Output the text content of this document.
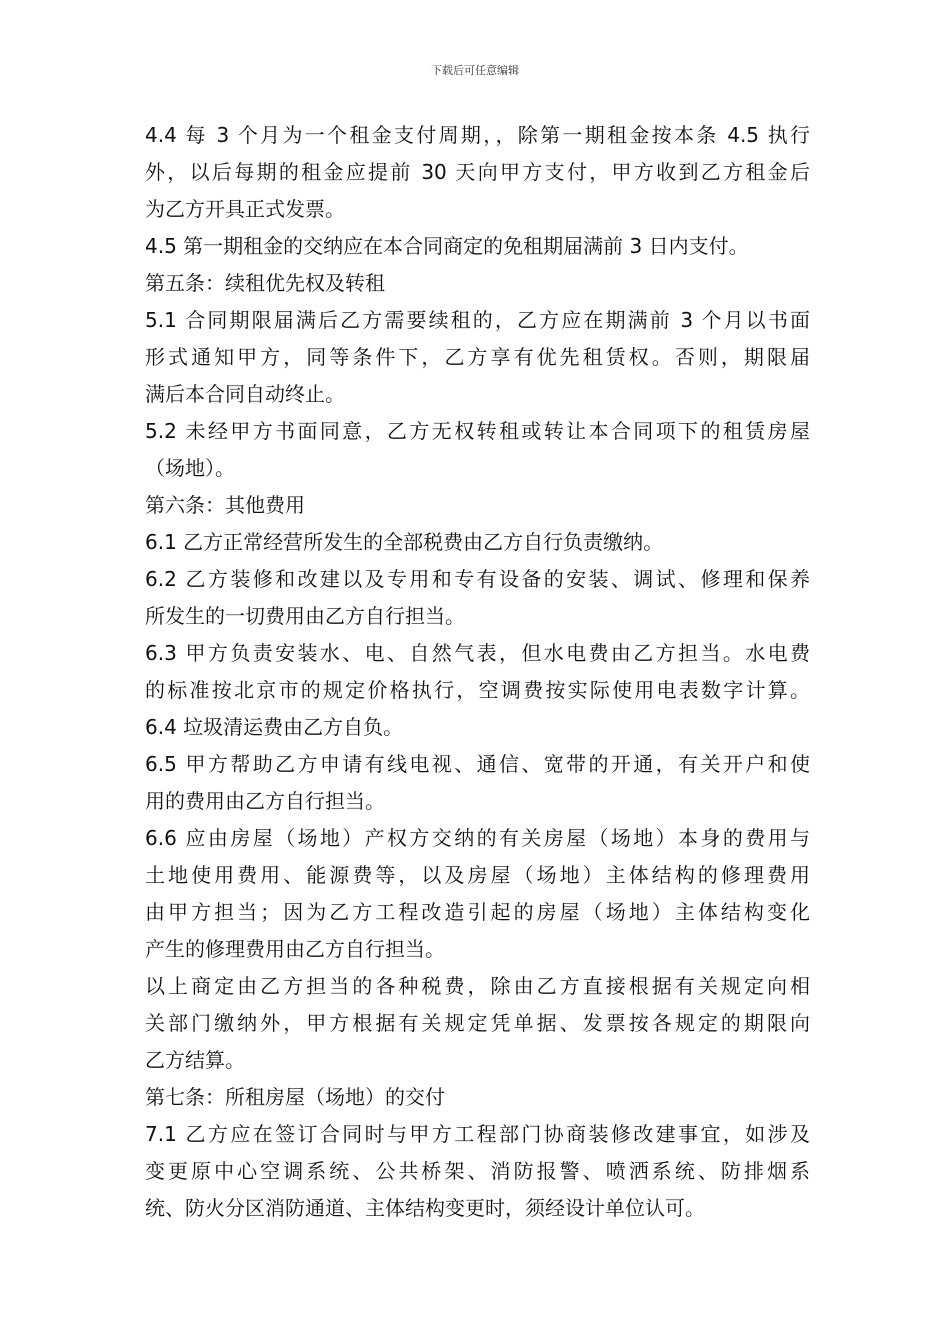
下载后可任意编辑
4.4 每 3 个月为一个租金支付周期，，除第一期租金按本条 4.5 执行
外，以后每期的租金应提前 30 天向甲方支付，甲方收到乙方租金后
为乙方开具正式发票。
4.5 第一期租金的交纳应在本合同商定的免租期届满前 3 日内支付。
第五条：续租优先权及转租
5.1 合同期限届满后乙方需要续租的，乙方应在期满前 3 个月以书面
形式通知甲方，同等条件下，乙方享有优先租赁权。否则，期限届
满后本合同自动终止。
5.2 未经甲方书面同意，乙方无权转租或转让本合同项下的租赁房屋
（场地）。
第六条：其他费用
6.1 乙方正常经营所发生的全部税费由乙方自行负责缴纳。
6.2 乙方装修和改建以及专用和专有设备的安装、调试、修理和保养
所发生的一切费用由乙方自行担当。
6.3 甲方负责安装水、电、自然气表，但水电费由乙方担当。水电费
的标准按北京市的规定价格执行，空调费按实际使用电表数字计算。
6.4 垃圾清运费由乙方自负。
6.5 甲方帮助乙方申请有线电视、通信、宽带的开通，有关开户和使
用的费用由乙方自行担当。
6.6 应由房屋（场地）产权方交纳的有关房屋（场地）本身的费用与
土地使用费用、能源费等，以及房屋（场地）主体结构的修理费用
由甲方担当；因为乙方工程改造引起的房屋（场地）主体结构变化
产生的修理费用由乙方自行担当。
以上商定由乙方担当的各种税费，除由乙方直接根据有关规定向相
关部门缴纳外，甲方根据有关规定凭单据、发票按各规定的期限向
乙方结算。
第七条：所租房屋（场地）的交付
7.1 乙方应在签订合同时与甲方工程部门协商装修改建事宜，如涉及
变更原中心空调系统、公共桥架、消防报警、喷洒系统、防排烟系
统、防火分区消防通道、主体结构变更时，须经设计单位认可。
